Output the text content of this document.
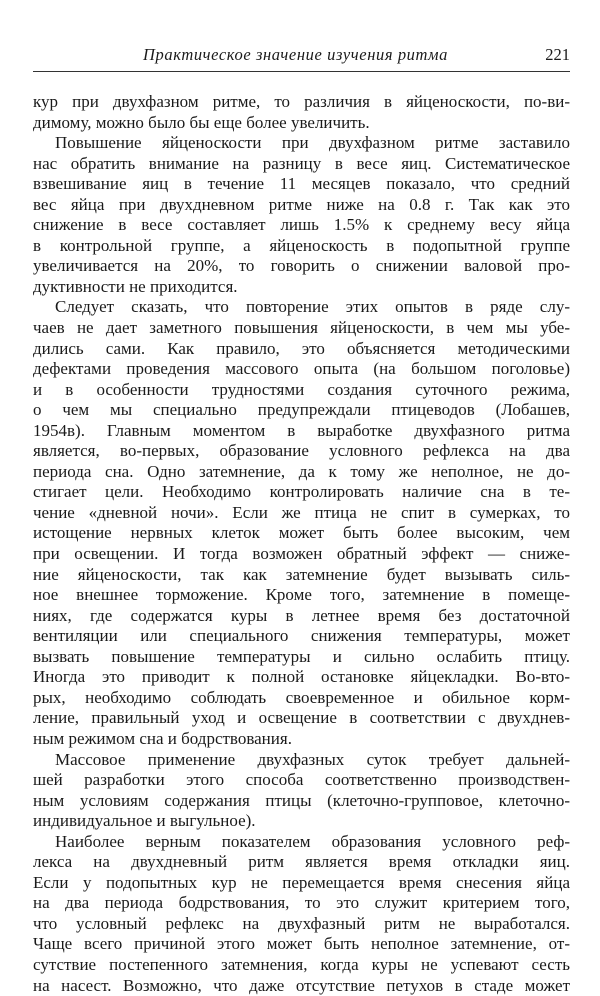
Практическое значение изучения ритма	221
кур при двухфазном ритме, то различия в яйценоскости, по-ви-
димому, можно было бы еще более увеличить.
Повышение яйценоскости при двухфазном ритме заставило
нас обратить внимание на разницу в весе яиц. Систематическое
взвешивание яиц в течение 11 месяцев показало, что средний
вес яйца при двухдневном ритме ниже на 0.8 г. Так как это
снижение в весе составляет лишь 1.5% к среднему весу яйца
в контрольной группе, а яйценоскость в подопытной группе
увеличивается на 20%, то говорить о снижении валовой про-
дуктивности не приходится.
Следует сказать, что повторение этих опытов в ряде слу-
чаев не дает заметного повышения яйценоскости, в чем мы убе-
дились сами. Как правило, это объясняется методическими
дефектами проведения массового опыта (на большом поголовье)
и в особенности трудностями создания суточного режима,
о чем мы специально предупреждали птицеводов (Лобашев,
1954в). Главным моментом в выработке двухфазного ритма
является, во-первых, образование условного рефлекса на два
периода сна. Одно затемнение, да к тому же неполное, не до-
стигает цели. Необходимо контролировать наличие сна в те-
чение «дневной ночи». Если же птица не спит в сумерках, то
истощение нервных клеток может быть более высоким, чем
при освещении. И тогда возможен обратный эффект — сниже-
ние яйценоскости, так как затемнение будет вызывать силь-
ное внешнее торможение. Кроме того, затемнение в помеще-
ниях, где содержатся куры в летнее время без достаточной
вентиляции или специального снижения температуры, может
вызвать повышение температуры и сильно ослабить птицу.
Иногда это приводит к полной остановке яйцекладки. Во-вто-
рых, необходимо соблюдать своевременное и обильное корм-
ление, правильный уход и освещение в соответствии с двухднев-
ным режимом сна и бодрствования.
Массовое применение двухфазных суток требует дальней-
шей разработки этого способа соответственно производствен-
ным условиям содержания птицы (клеточно-групповое, клеточно-
индивидуальное и выгульное).
Наиболее верным показателем образования условного реф-
лекса на двухдневный ритм является время откладки яиц.
Если у подопытных кур не перемещается время снесения яйца
на два периода бодрствования, то это служит критерием того,
что условный рефлекс на двухфазный ритм не выработался.
Чаще всего причиной этого может быть неполное затемнение, от-
сутствие постепенного затемнения, когда куры не успевают сесть
на насест. Возможно, что даже отсутствие петухов в стаде может
